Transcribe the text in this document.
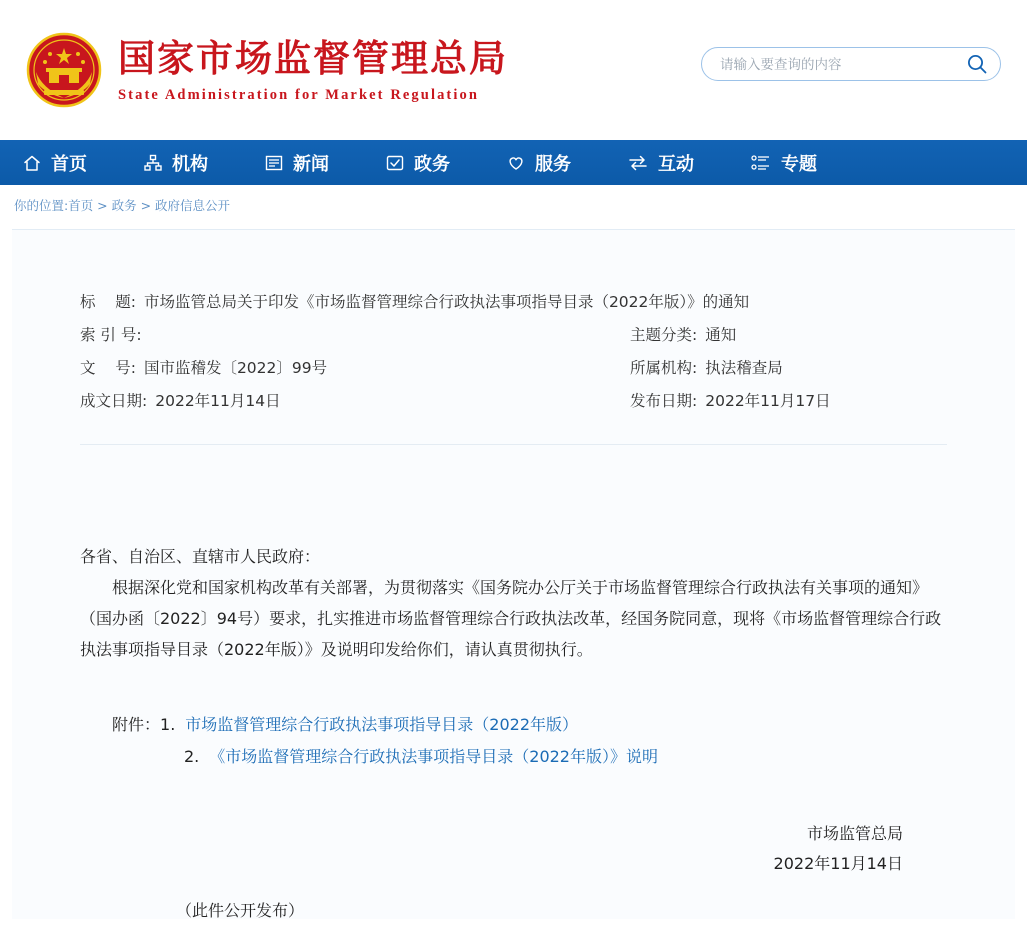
国家市场监督管理总局
State Administration for Market Regulation
请输入要查询的内容
首页	机构	新闻	政务	服务	互动	专题
你的位置:首页 > 政务 > 政府信息公开
标    题: 市场监管总局关于印发《市场监督管理综合行政执法事项指导目录（2022年版）》的通知
索 引 号:	主题分类: 通知
文    号: 国市监稽发〔2022〕99号	所属机构: 执法稽查局
成文日期: 2022年11月14日	发布日期: 2022年11月17日
各省、自治区、直辖市人民政府：
根据深化党和国家机构改革有关部署，为贯彻落实《国务院办公厅关于市场监督管理综合行政执法有关事项的通知》（国办函〔2022〕94号）要求，扎实推进市场监督管理综合行政执法改革，经国务院同意，现将《市场监督管理综合行政执法事项指导目录（2022年版）》及说明印发给你们，请认真贯彻执行。
附件： 1. 市场监督管理综合行政执法事项指导目录（2022年版）
2. 《市场监督管理综合行政执法事项指导目录（2022年版）》说明
市场监管总局
2022年11月14日
（此件公开发布）
